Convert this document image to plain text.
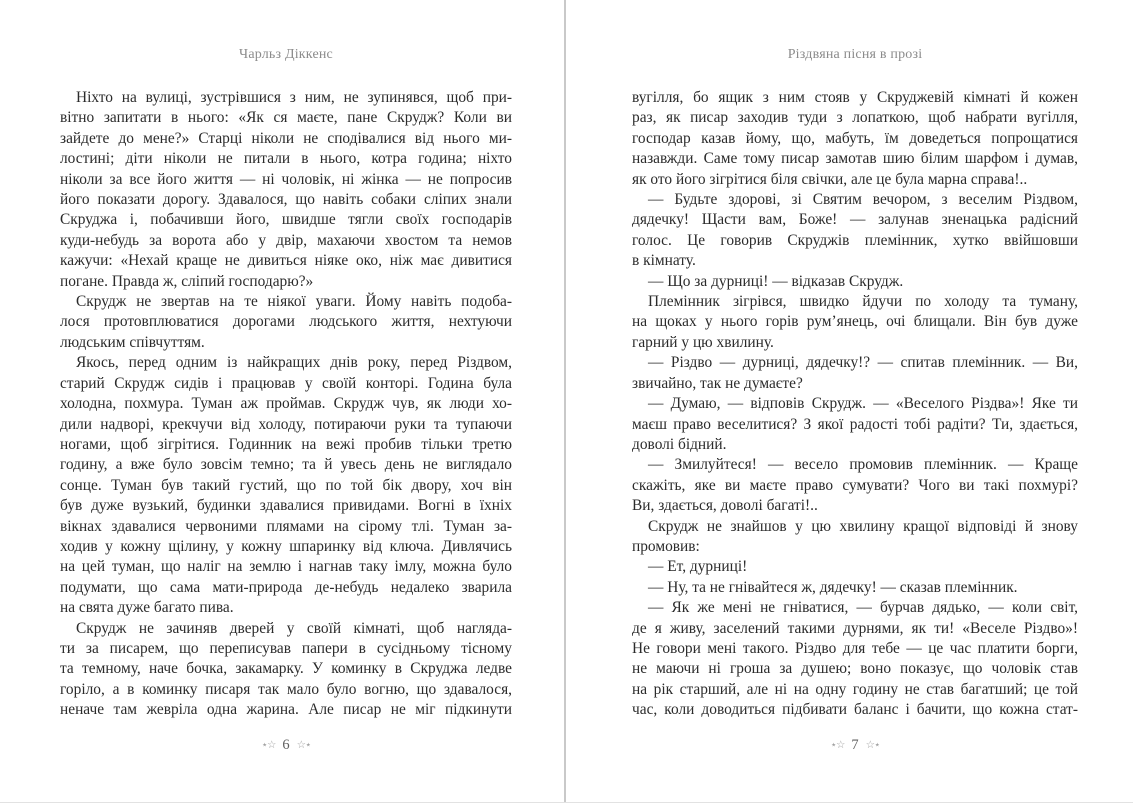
Чарльз Діккенс
Ніхто на вулиці, зустрівшися з ним, не зупинявся, щоб при-
вітно запитати в нього: «Як ся маєте, пане Скрудж? Коли ви
зайдете до мене?» Старці ніколи не сподівалися від нього ми-
лостині; діти ніколи не питали в нього, котра година; ніхто
ніколи за все його життя — ні чоловік, ні жінка — не попросив
його показати дорогу. Здавалося, що навіть собаки сліпих знали
Скруджа і, побачивши його, швидше тягли своїх господарів
куди-небудь за ворота або у двір, махаючи хвостом та немов
кажучи: «Нехай краще не дивиться ніяке око, ніж має дивитися
погане. Правда ж, сліпий господарю?»
Скрудж не звертав на те ніякої уваги. Йому навіть подоба-
лося протовплюватися дорогами людського життя, нехтуючи
людським співчуттям.
Якось, перед одним із найкращих днів року, перед Різдвом,
старий Скрудж сидів і працював у своїй конторі. Година була
холодна, похмура. Туман аж проймав. Скрудж чув, як люди хо-
дили надворі, крекчучи від холоду, потираючи руки та тупаючи
ногами, щоб зігрітися. Годинник на вежі пробив тільки третю
годину, а вже було зовсім темно; та й увесь день не виглядало
сонце. Туман був такий густий, що по той бік двору, хоч він
був дуже вузький, будинки здавалися привидами. Вогні в їхніх
вікнах здавалися червоними плямами на сірому тлі. Туман за-
ходив у кожну щілину, у кожну шпаринку від ключа. Дивлячись
на цей туман, що наліг на землю і нагнав таку імлу, можна було
подумати, що сама мати-природа де-небудь недалеко зварила
на свята дуже багато пива.
Скрудж не зачиняв дверей у своїй кімнаті, щоб нагляда-
ти за писарем, що переписував папери в сусідньому тісному
та темному, наче бочка, закамарку. У коминку в Скруджа ледве
горіло, а в коминку писаря так мало було вогню, що здавалося,
неначе там жевріла одна жарина. Але писар не міг підкинути
⋆☆ 6 ☆⋆
Різдвяна пісня в прозі
вугілля, бо ящик з ним стояв у Скруджевій кімнаті й кожен
раз, як писар заходив туди з лопаткою, щоб набрати вугілля,
господар казав йому, що, мабуть, їм доведеться попрощатися
назавжди. Саме тому писар замотав шию білим шарфом і думав,
як ото його зігрітися біля свічки, але це була марна справа!..
— Будьте здорові, зі Святим вечором, з веселим Різдвом,
дядечку! Щасти вам, Боже! — залунав зненацька радісний
голос. Це говорив Скруджів племінник, хутко ввійшовши
в кімнату.
— Що за дурниці! — відказав Скрудж.
Племінник зігрівся, швидко йдучи по холоду та туману,
на щоках у нього горів рум’янець, очі блищали. Він був дуже
гарний у цю хвилину.
— Різдво — дурниці, дядечку!? — спитав племінник. — Ви,
звичайно, так не думаєте?
— Думаю, — відповів Скрудж. — «Веселого Різдва»! Яке ти
маєш право веселитися? З якої радості тобі радіти? Ти, здається,
доволі бідний.
— Змилуйтеся! — весело промовив племінник. — Краще
скажіть, яке ви маєте право сумувати? Чого ви такі похмурі?
Ви, здається, доволі багаті!..
Скрудж не знайшов у цю хвилину кращої відповіді й знову
промовив:
— Ет, дурниці!
— Ну, та не гнівайтеся ж, дядечку! — сказав племінник.
— Як же мені не гніватися, — бурчав дядько, — коли світ,
де я живу, заселений такими дурнями, як ти! «Веселе Різдво»!
Не говори мені такого. Різдво для тебе — це час платити борги,
не маючи ні гроша за душею; воно показує, що чоловік став
на рік старший, але ні на одну годину не став багатший; це той
час, коли доводиться підбивати баланс і бачити, що кожна стат-
⋆☆ 7 ☆⋆
